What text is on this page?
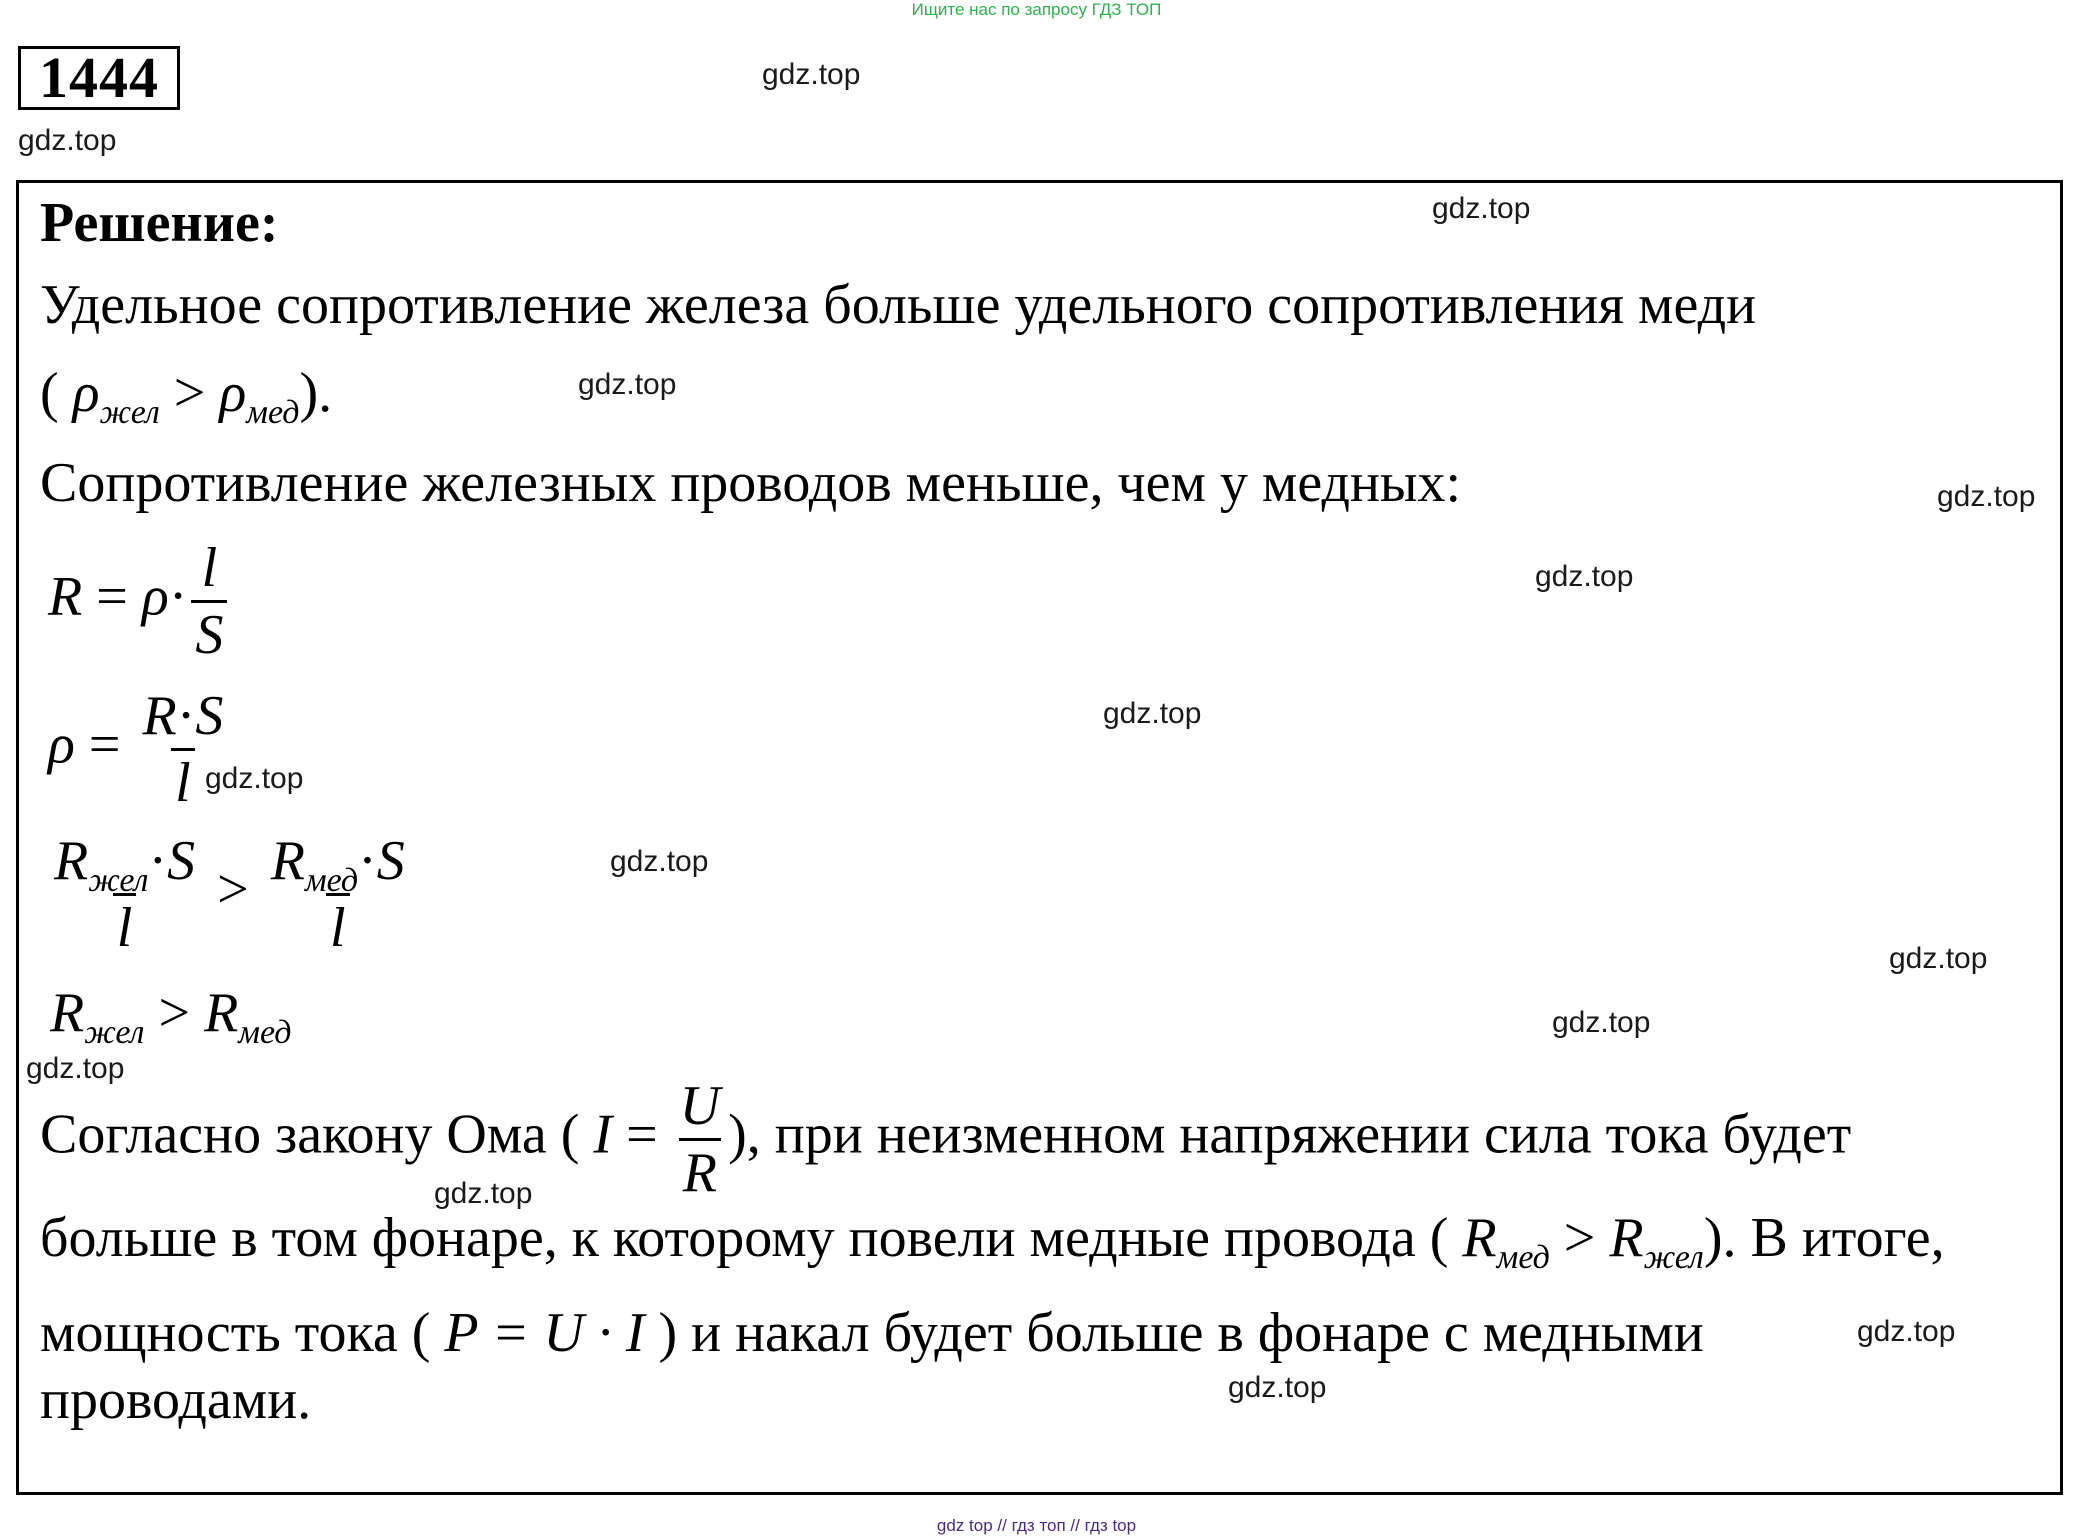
Ищите нас по запросу ГДЗ ТОП
1444	gdz.top
gdz.top
gdz.top
gdz.top
gdz.top
gdz.top
gdz.top
gdz.top
gdz.top
gdz.top
gdz.top
gdz.top
gdz.top
gdz.top
gdz.top
Решение:
Удельное сопротивление железа больше удельного сопротивления меди
( $\rho_{жел} > \rho_{мед}$).
Сопротивление железных проводов меньше, чем у медных:
$R = \rho\cdot \frac{l}{S}$
$\rho = \frac{R\cdot S}{l}$
$\frac{R_{жел}\cdot S}{l} > \frac{R_{мед}\cdot S}{l}$
$R_{жел} > R_{мед}$
Согласно закону Ома ( $I = \frac{U}{R}$ ), при неизменном напряжении сила тока будет
больше в том фонаре, к которому повели медные провода ( $R_{мед} > R_{жел}$). В итоге,
мощность тока ( P = U · I ) и накал будет больше в фонаре с медными
проводами.
gdz top // гдз топ // гдз top
